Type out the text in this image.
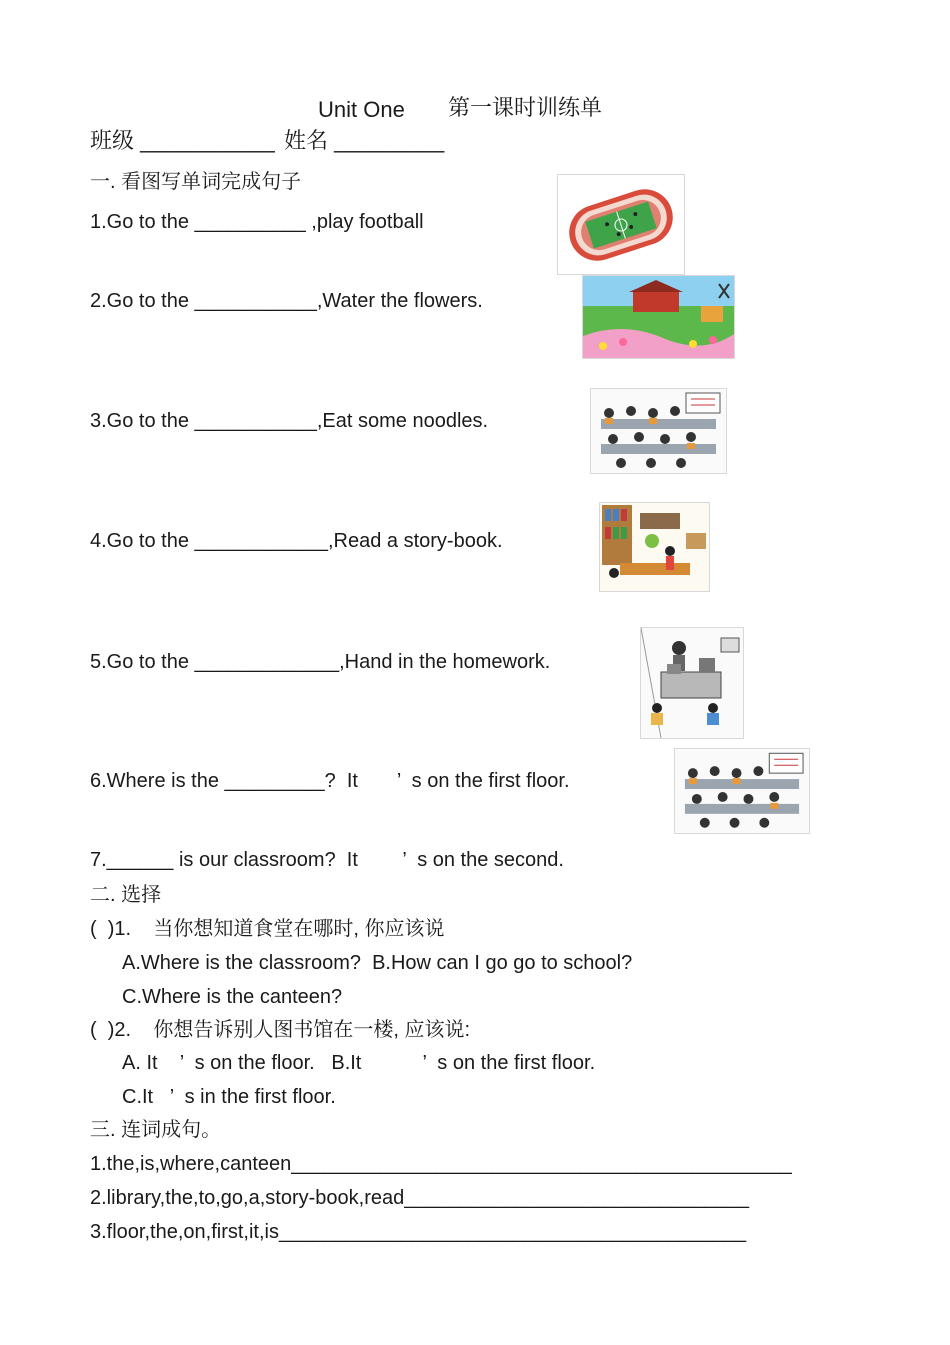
Unit One 第一课时训练单
班级 ___________ 姓名 _________
一. 看图写单词完成句子
1.Go to the __________ ,play football
2.Go to the ___________,Water the flowers.
3.Go to the ___________,Eat some noodles.
4.Go to the ____________,Read a story-book.
5.Go to the _____________,Hand in the homework.
6.Where is the _________?  It       ’  s on the first floor.
7.______ is our classroom?  It        ’  s on the second.
二. 选择
(  )1.    当你想知道食堂在哪时, 你应该说
A.Where is the classroom?  B.How can I go go to school?
C.Where is the canteen?
(  )2.    你想告诉别人图书馆在一楼, 应该说:
A. It    ’  s on the floor.   B.It           ’  s on the first floor.
C.It   ’  s in the first floor.
三. 连词成句。
1.the,is,where,canteen_____________________________________________
2.library,the,to,go,a,story-book,read_______________________________
3.floor,the,on,first,it,is__________________________________________
